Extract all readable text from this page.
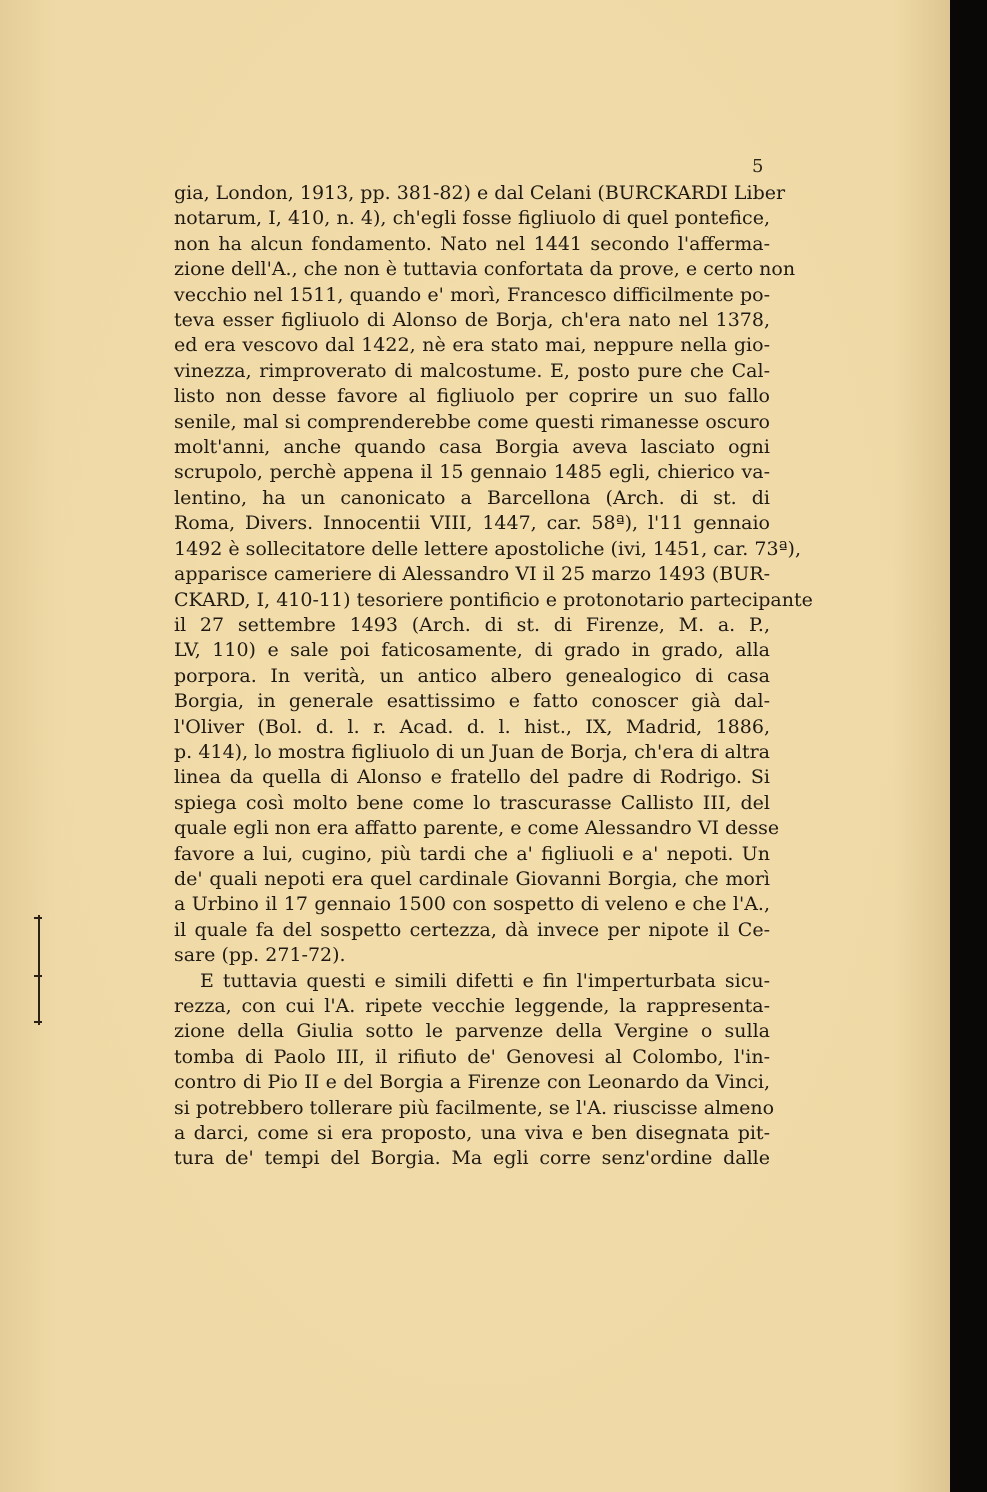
5
gia, London, 1913, pp. 381-82) e dal Celani (BURCKARDI Liber
notarum, I, 410, n. 4), ch'egli fosse figliuolo di quel pontefice,
non ha alcun fondamento. Nato nel 1441 secondo l'afferma-
zione dell'A., che non è tuttavia confortata da prove, e certo non
vecchio nel 1511, quando e' morì, Francesco difficilmente po-
teva esser figliuolo di Alonso de Borja, ch'era nato nel 1378,
ed era vescovo dal 1422, nè era stato mai, neppure nella gio-
vinezza, rimproverato di malcostume. E, posto pure che Cal-
listo non desse favore al figliuolo per coprire un suo fallo
senile, mal si comprenderebbe come questi rimanesse oscuro
molt'anni, anche quando casa Borgia aveva lasciato ogni
scrupolo, perchè appena il 15 gennaio 1485 egli, chierico va-
lentino, ha un canonicato a Barcellona (Arch. di st. di
Roma, Divers. Innocentii VIII, 1447, car. 58ª), l'11 gennaio
1492 è sollecitatore delle lettere apostoliche (ivi, 1451, car. 73ª),
apparisce cameriere di Alessandro VI il 25 marzo 1493 (BUR-
CKARD, I, 410-11) tesoriere pontificio e protonotario partecipante
il 27 settembre 1493 (Arch. di st. di Firenze, M. a. P.,
LV, 110) e sale poi faticosamente, di grado in grado, alla
porpora. In verità, un antico albero genealogico di casa
Borgia, in generale esattissimo e fatto conoscer già dal-
l'Oliver (Bol. d. l. r. Acad. d. l. hist., IX, Madrid, 1886,
p. 414), lo mostra figliuolo di un Juan de Borja, ch'era di altra
linea da quella di Alonso e fratello del padre di Rodrigo. Si
spiega così molto bene come lo trascurasse Callisto III, del
quale egli non era affatto parente, e come Alessandro VI desse
favore a lui, cugino, più tardi che a' figliuoli e a' nepoti. Un
de' quali nepoti era quel cardinale Giovanni Borgia, che morì
a Urbino il 17 gennaio 1500 con sospetto di veleno e che l'A.,
il quale fa del sospetto certezza, dà invece per nipote il Ce-
sare (pp. 271-72).
E tuttavia questi e simili difetti e fin l'imperturbata sicu-
rezza, con cui l'A. ripete vecchie leggende, la rappresenta-
zione della Giulia sotto le parvenze della Vergine o sulla
tomba di Paolo III, il rifiuto de' Genovesi al Colombo, l'in-
contro di Pio II e del Borgia a Firenze con Leonardo da Vinci,
si potrebbero tollerare più facilmente, se l'A. riuscisse almeno
a darci, come si era proposto, una viva e ben disegnata pit-
tura de' tempi del Borgia. Ma egli corre senz'ordine dalle
